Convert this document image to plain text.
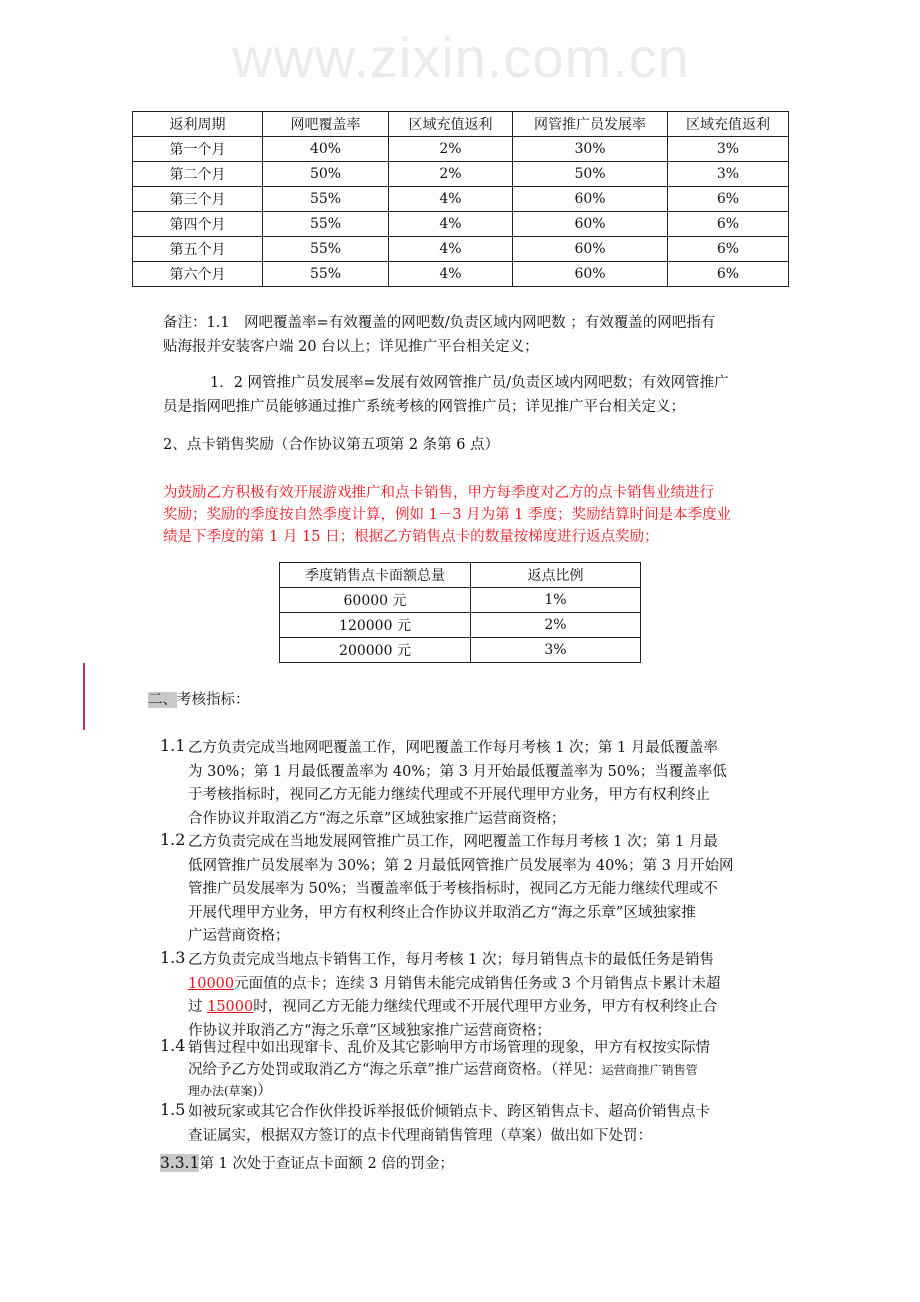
www.zixin.com.cn
返利周期	网吧覆盖率	区域充值返利	网管推广员发展率	区域充值返利
第一个月	40%	2%	30%	3%
第二个月	50%	2%	50%	3%
第三个月	55%	4%	60%	6%
第四个月	55%	4%	60%	6%
第五个月	55%	4%	60%	6%
第六个月	55%	4%	60%	6%
备注：1.1　网吧覆盖率=有效覆盖的网吧数/负责区域内网吧数 ；有效覆盖的网吧指有
贴海报并安装客户端 20 台以上；详见推广平台相关定义；
1．2 网管推广员发展率=发展有效网管推广员/负责区域内网吧数；有效网管推广
员是指网吧推广员能够通过推广系统考核的网管推广员；详见推广平台相关定义；
2、点卡销售奖励（合作协议第五项第 2 条第 6 点）
为鼓励乙方积极有效开展游戏推广和点卡销售，甲方每季度对乙方的点卡销售业绩进行
奖励；奖励的季度按自然季度计算，例如 1－3 月为第 1 季度；奖励结算时间是本季度业
绩是下季度的第 1 月 15 日；根据乙方销售点卡的数量按梯度进行返点奖励；
季度销售点卡面额总量	返点比例
60000 元	1%
120000 元	2%
200000 元	3%
二、考核指标：
1.1 乙方负责完成当地网吧覆盖工作，网吧覆盖工作每月考核 1 次；第 1 月最低覆盖率
为 30%；第 1 月最低覆盖率为 40%；第 3 月开始最低覆盖率为 50%；当覆盖率低
于考核指标时，视同乙方无能力继续代理或不开展代理甲方业务，甲方有权利终止
合作协议并取消乙方“海之乐章”区域独家推广运营商资格；
1.2 乙方负责完成在当地发展网管推广员工作，网吧覆盖工作每月考核 1 次；第 1 月最
低网管推广员发展率为 30%；第 2 月最低网管推广员发展率为 40%；第 3 月开始网
管推广员发展率为 50%；当覆盖率低于考核指标时，视同乙方无能力继续代理或不
开展代理甲方业务，甲方有权利终止合作协议并取消乙方“海之乐章”区域独家推
广运营商资格；
1.3 乙方负责完成当地点卡销售工作，每月考核 1 次；每月销售点卡的最低任务是销售
10000元面值的点卡；连续 3 月销售未能完成销售任务或 3 个月销售点卡累计未超
过 15000时，视同乙方无能力继续代理或不开展代理甲方业务，甲方有权利终止合
作协议并取消乙方“海之乐章”区域独家推广运营商资格；
1.4 销售过程中如出现窜卡、乱价及其它影响甲方市场管理的现象，甲方有权按实际情
况给予乙方处罚或取消乙方“海之乐章”推广运营商资格。（祥见：运营商推广销售管
理办法(草案)）
1.5 如被玩家或其它合作伙伴投诉举报低价倾销点卡、跨区销售点卡、超高价销售点卡
查证属实，根据双方签订的点卡代理商销售管理（草案）做出如下处罚：
3.3.1第 1 次处于查证点卡面额 2 倍的罚金；
